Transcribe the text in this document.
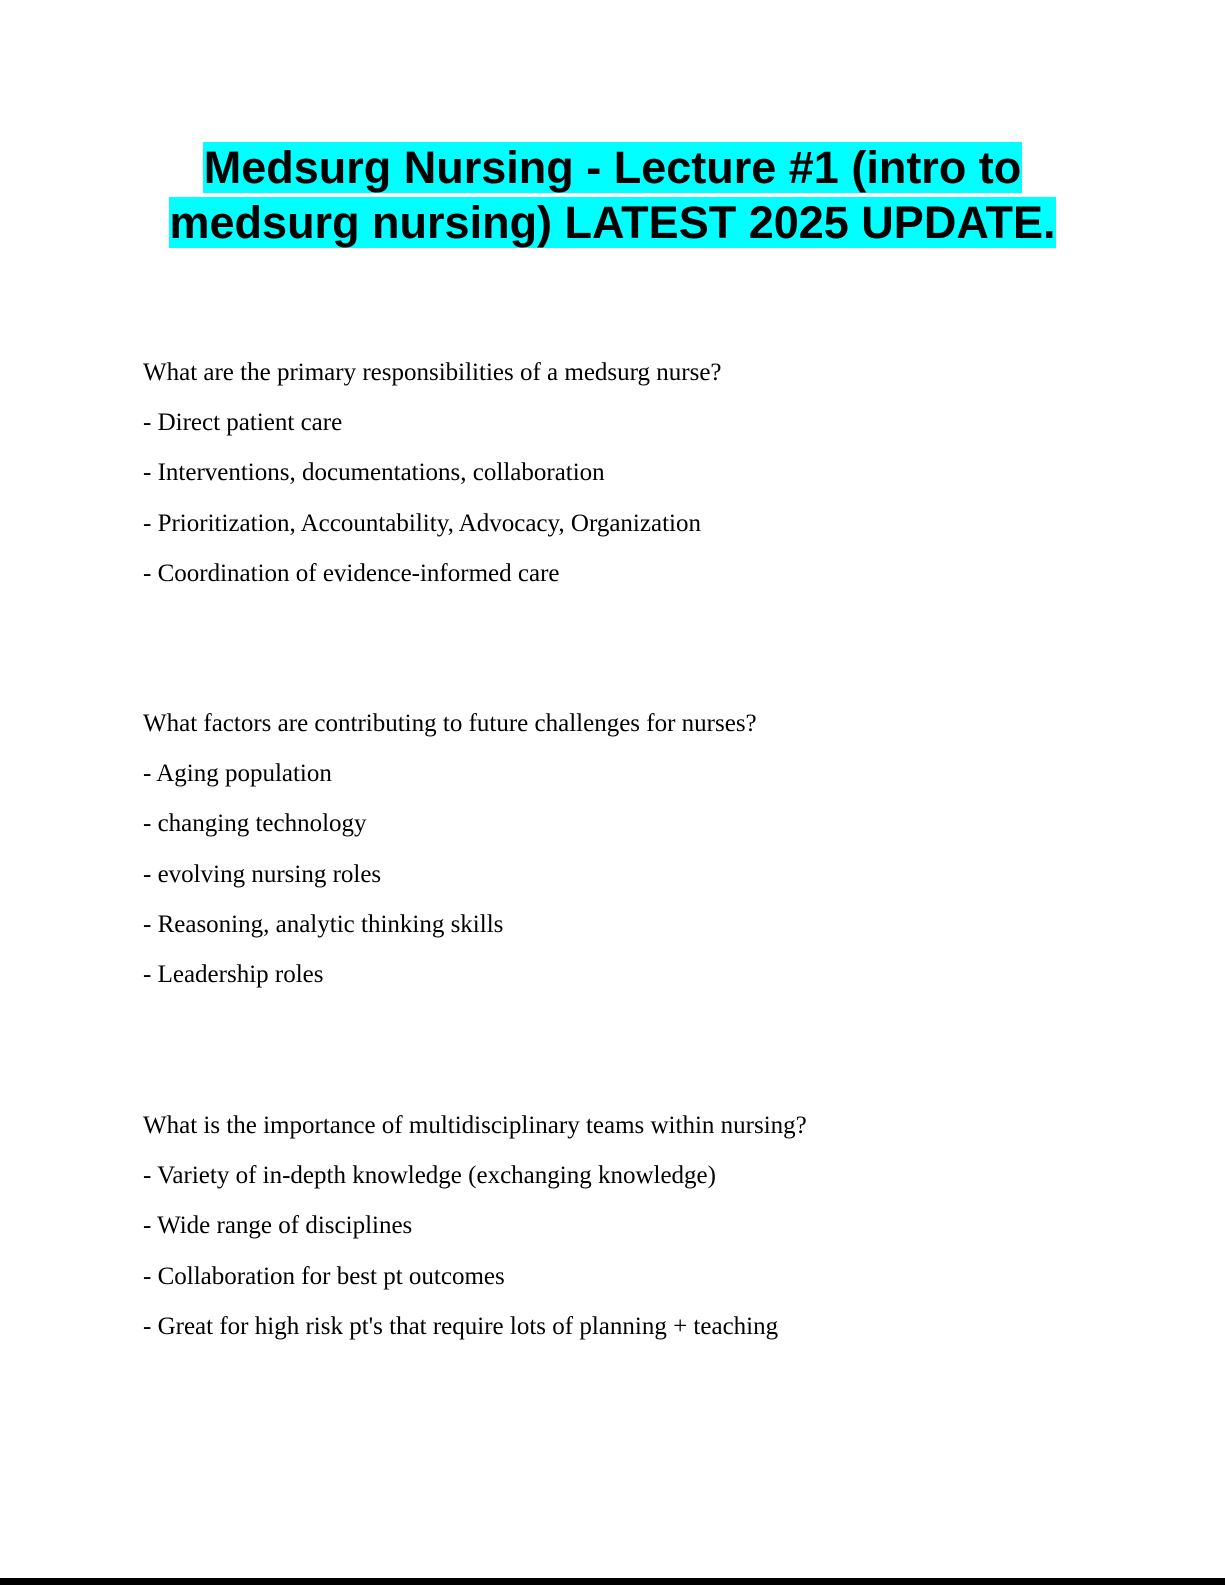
Medsurg Nursing - Lecture #1 (intro to medsurg nursing) LATEST 2025 UPDATE.
What are the primary responsibilities of a medsurg nurse?
- Direct patient care
- Interventions, documentations, collaboration
- Prioritization, Accountability, Advocacy, Organization
- Coordination of evidence-informed care
What factors are contributing to future challenges for nurses?
- Aging population
- changing technology
- evolving nursing roles
- Reasoning, analytic thinking skills
- Leadership roles
What is the importance of multidisciplinary teams within nursing?
- Variety of in-depth knowledge (exchanging knowledge)
- Wide range of disciplines
- Collaboration for best pt outcomes
- Great for high risk pt's that require lots of planning + teaching
